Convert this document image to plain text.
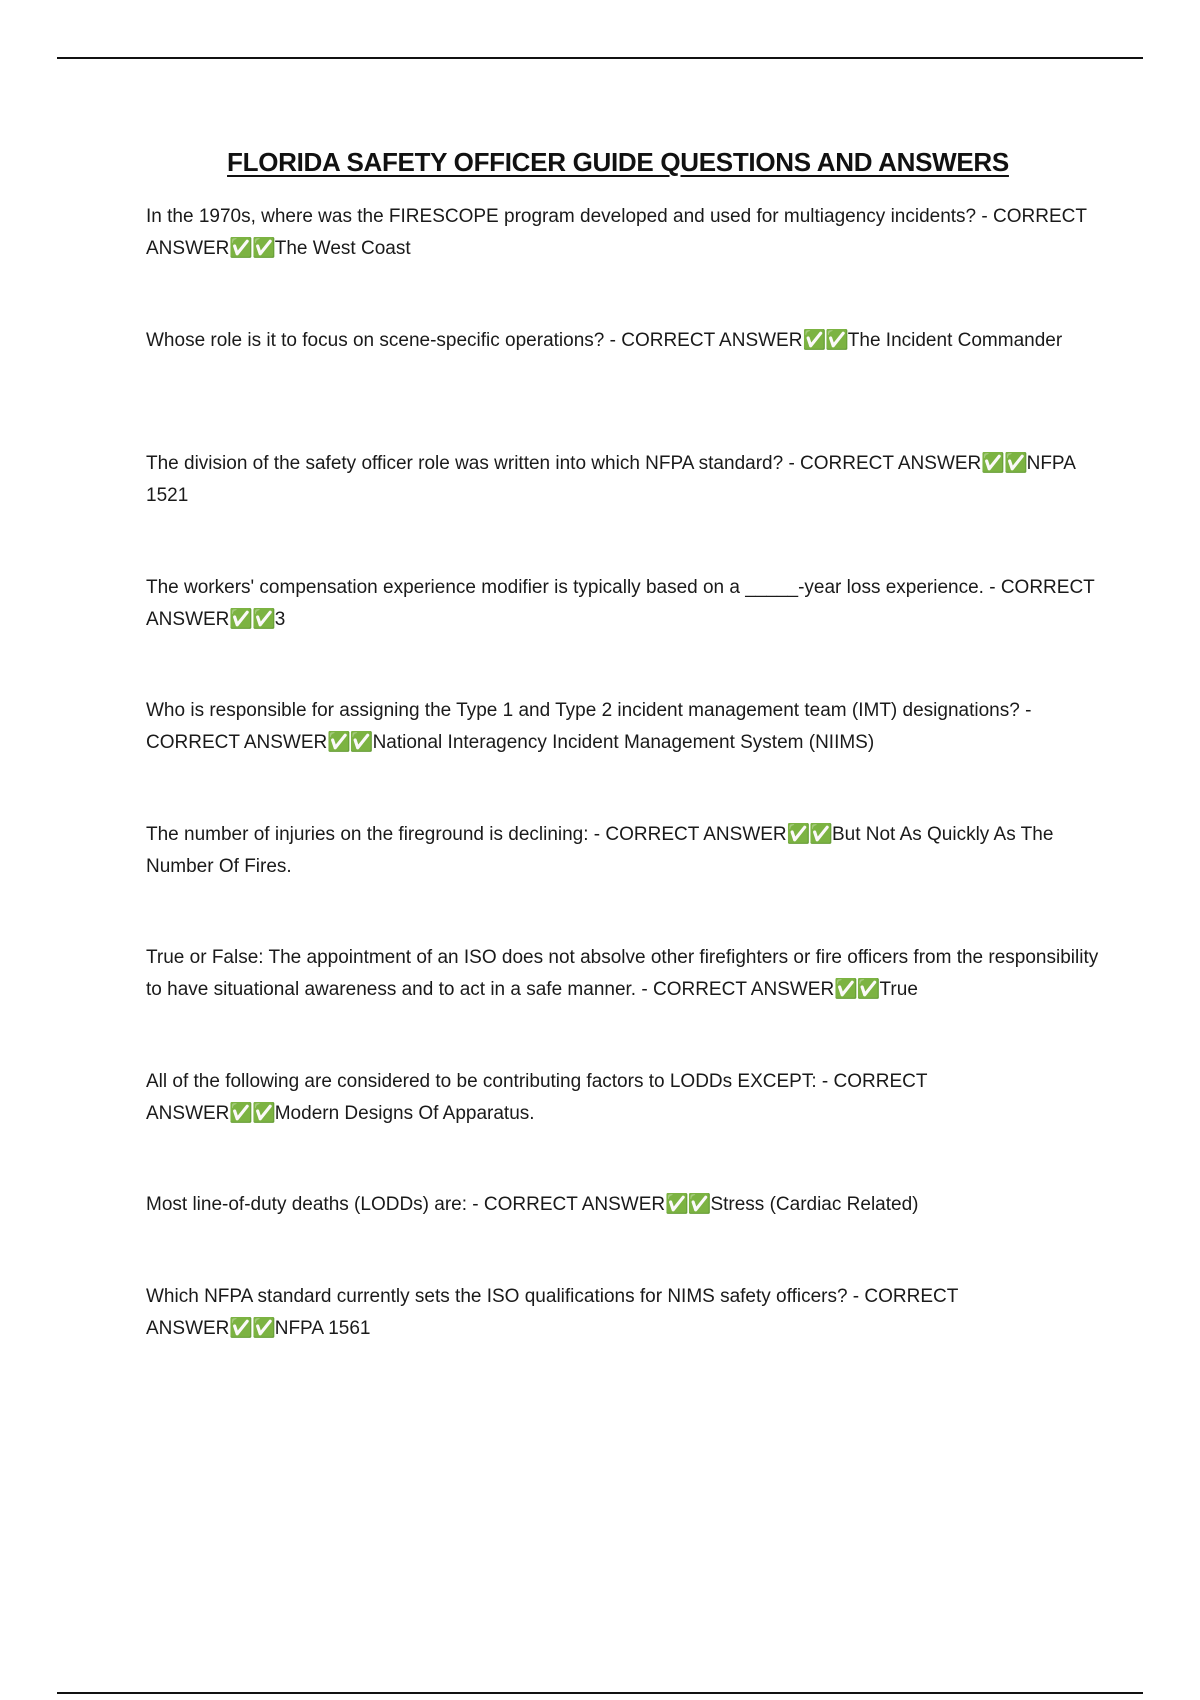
FLORIDA SAFETY OFFICER GUIDE QUESTIONS AND ANSWERS

In the 1970s, where was the FIRESCOPE program developed and used for multiagency incidents? - CORRECT ANSWER✅✅The West Coast

Whose role is it to focus on scene-specific operations? - CORRECT ANSWER✅✅The Incident Commander

The division of the safety officer role was written into which NFPA standard? - CORRECT ANSWER✅✅NFPA 1521

The workers' compensation experience modifier is typically based on a _____-year loss experience. - CORRECT ANSWER✅✅3

Who is responsible for assigning the Type 1 and Type 2 incident management team (IMT) designations? - CORRECT ANSWER✅✅National Interagency Incident Management System (NIIMS)

The number of injuries on the fireground is declining: - CORRECT ANSWER✅✅But Not As Quickly As The Number Of Fires.

True or False: The appointment of an ISO does not absolve other firefighters or fire officers from the responsibility to have situational awareness and to act in a safe manner. - CORRECT ANSWER✅✅True

All of the following are considered to be contributing factors to LODDs EXCEPT: - CORRECT ANSWER✅✅Modern Designs Of Apparatus.

Most line-of-duty deaths (LODDs) are: - CORRECT ANSWER✅✅Stress (Cardiac Related)

Which NFPA standard currently sets the ISO qualifications for NIMS safety officers? - CORRECT ANSWER✅✅NFPA 1561
